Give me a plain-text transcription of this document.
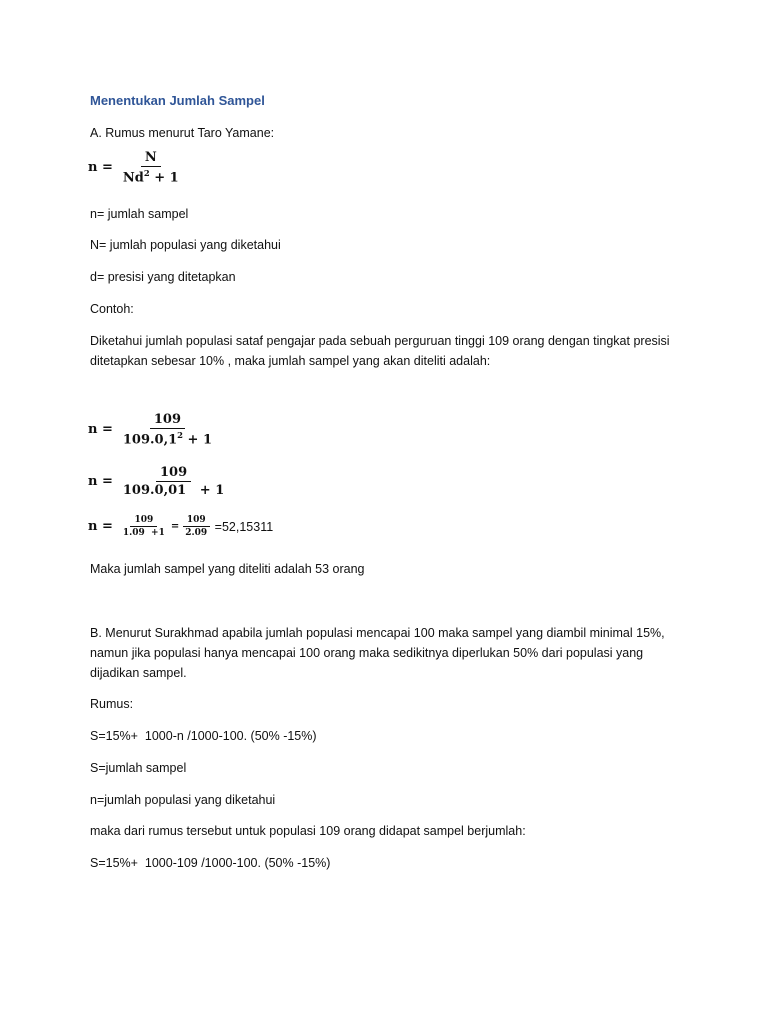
Menentukan Jumlah Sampel
A. Rumus menurut Taro Yamane:
$n = \frac{N}{Nd^2 + 1}$
n= jumlah sampel
N= jumlah populasi yang diketahui
d= presisi yang ditetapkan
Contoh:
Diketahui jumlah populasi sataf pengajar pada sebuah perguruan tinggi 109 orang dengan tingkat presisi ditetapkan sebesar 10% , maka jumlah sampel yang akan diteliti adalah:
$n = \frac{109}{109.0,1^2 + 1}$
$n = \frac{109}{109.0,01 + 1}$
$n = \frac{109}{1.09 +1} = \frac{109}{2.09} =52,15311$
Maka jumlah sampel yang diteliti adalah 53 orang
B. Menurut Surakhmad apabila jumlah populasi mencapai 100 maka sampel yang diambil minimal 15%, namun jika populasi hanya mencapai 100 orang maka sedikitnya diperlukan 50% dari populasi yang dijadikan sampel.
Rumus:
S=15%+  1000-n /1000-100. (50% -15%)
S=jumlah sampel
n=jumlah populasi yang diketahui
maka dari rumus tersebut untuk populasi 109 orang didapat sampel berjumlah:
S=15%+  1000-109 /1000-100. (50% -15%)
